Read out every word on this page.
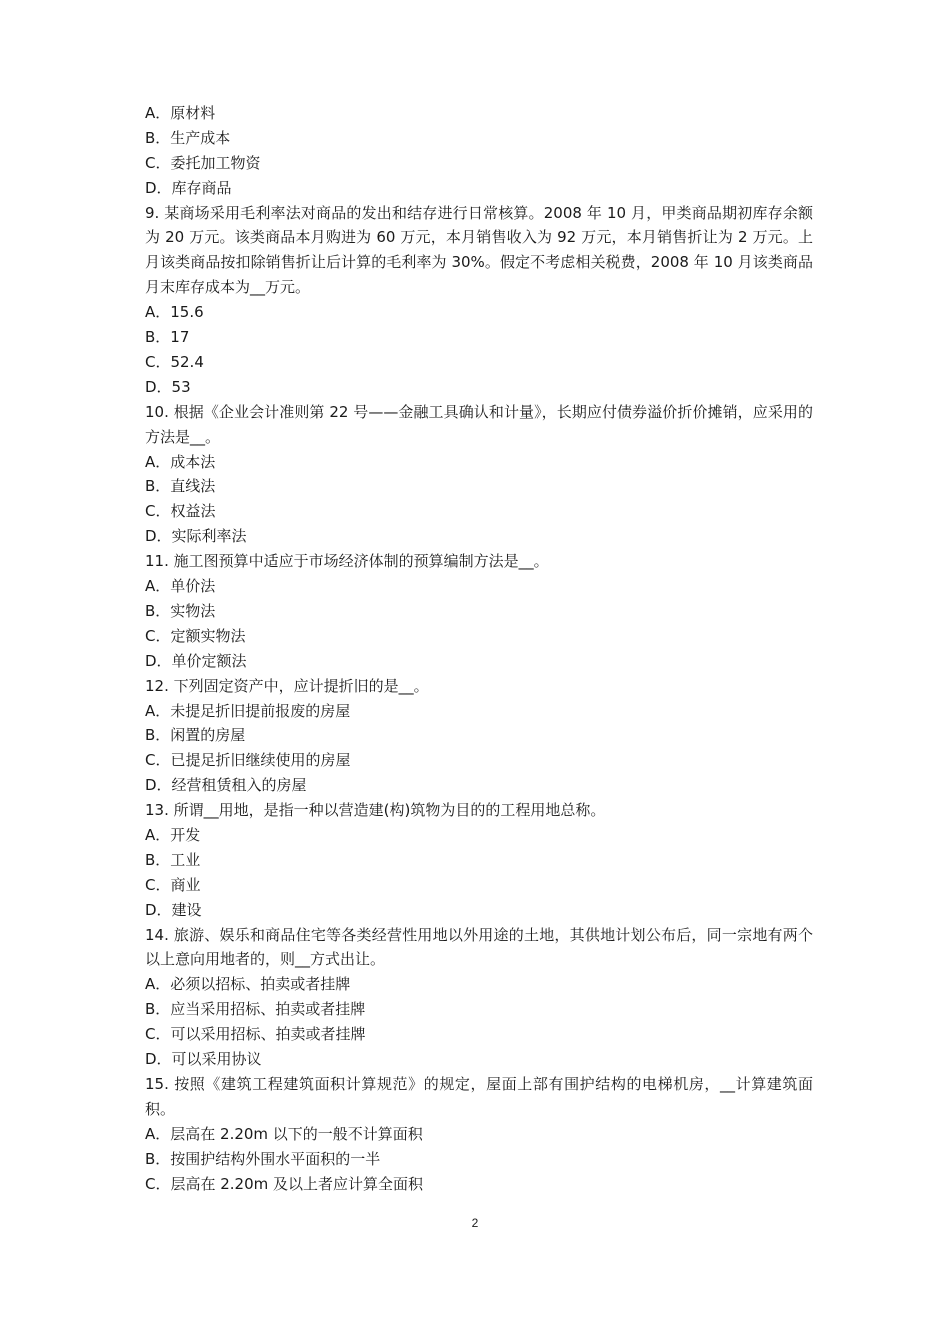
A．原材料
B．生产成本
C．委托加工物资
D．库存商品
9. 某商场采用毛利率法对商品的发出和结存进行日常核算。2008 年 10 月，甲类商品期初库存余额为 20 万元。该类商品本月购进为 60 万元，本月销售收入为 92 万元，本月销售折让为 2 万元。上月该类商品按扣除销售折让后计算的毛利率为 30%。假定不考虑相关税费，2008 年 10 月该类商品月末库存成本为__万元。
A．15.6
B．17
C．52.4
D．53
10. 根据《企业会计准则第 22 号——金融工具确认和计量》，长期应付债券溢价折价摊销，应采用的方法是__。
A．成本法
B．直线法
C．权益法
D．实际利率法
11. 施工图预算中适应于市场经济体制的预算编制方法是__。
A．单价法
B．实物法
C．定额实物法
D．单价定额法
12. 下列固定资产中，应计提折旧的是__。
A．未提足折旧提前报废的房屋
B．闲置的房屋
C．已提足折旧继续使用的房屋
D．经营租赁租入的房屋
13. 所谓__用地，是指一种以营造建(构)筑物为目的的工程用地总称。
A．开发
B．工业
C．商业
D．建设
14. 旅游、娱乐和商品住宅等各类经营性用地以外用途的土地，其供地计划公布后，同一宗地有两个以上意向用地者的，则__方式出让。
A．必须以招标、拍卖或者挂牌
B．应当采用招标、拍卖或者挂牌
C．可以采用招标、拍卖或者挂牌
D．可以采用协议
15. 按照《建筑工程建筑面积计算规范》的规定，屋面上部有围护结构的电梯机房，__计算建筑面积。
A．层高在 2.20m 以下的一般不计算面积
B．按围护结构外围水平面积的一半
C．层高在 2.20m 及以上者应计算全面积
2
